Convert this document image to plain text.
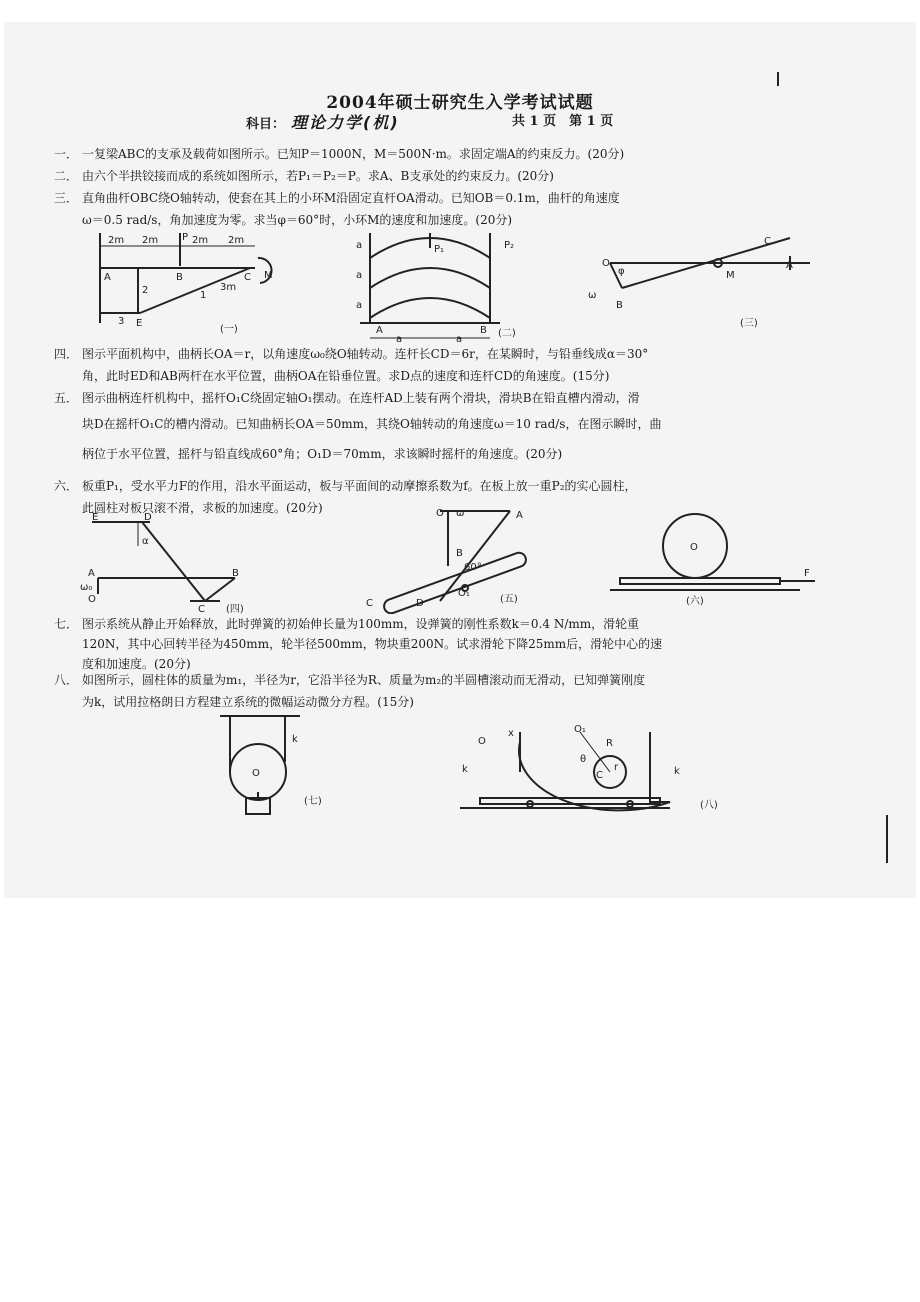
2004年硕士研究生入学考试试题
科目： 理论力学(机)	共 1 页　第 1 页
一． 一复梁ABC的支承及载荷如图所示。已知P＝1000N，M＝500N·m。求固定端A的约束反力。(20分)
二． 由六个半拱铰接而成的系统如图所示，若P₁＝P₂＝P。求A、B支承处的约束反力。(20分)
三． 直角曲杆OBC绕O轴转动，使套在其上的小环M沿固定直杆OA滑动。已知OB＝0.1m，曲杆的角速度
ω＝0.5 rad/s，角加速度为零。求当φ＝60°时，小环M的速度和加速度。(20分)
2m 2m	2m 2m
A	B	C
E
M
P
1
2
3
3m
(一)	A	B
P₁	P₂
a
a
a
a	a
(二)
O
φ
ω
B
M
A
C
(三)
四． 图示平面机构中，曲柄长OA＝r，以角速度ω₀绕O轴转动。连杆长CD＝6r，在某瞬时，与铅垂线成α＝30°
角，此时ED和AB两杆在水平位置，曲柄OA在铅垂位置。求D点的速度和连杆CD的角速度。(15分)
五． 图示曲柄连杆机构中，摇杆O₁C绕固定轴O₁摆动。在连杆AD上装有两个滑块，滑块B在铅直槽内滑动，滑
块D在摇杆O₁C的槽内滑动。已知曲柄长OA＝50mm，其绕O轴转动的角速度ω＝10 rad/s，在图示瞬时，曲
柄位于水平位置，摇杆与铅直线成60°角；O₁D＝70mm，求该瞬时摇杆的角速度。(20分)
六． 板重P₁，受水平力F的作用，沿水平面运动，板与平面间的动摩擦系数为f。在板上放一重P₂的实心圆柱，
此圆柱对板只滚不滑，求板的加速度。(20分)
E	D
α
A
ω₀
O
B
C (四)
O ω	A
B
60°
C	D
O₁
(五)
O
F
(六)
七． 图示系统从静止开始释放，此时弹簧的初始伸长量为100mm，设弹簧的刚性系数k＝0.4 N/mm，滑轮重
120N，其中心回转半径为450mm，轮半径500mm，物块重200N。试求滑轮下降25mm后，滑轮中心的速
度和加速度。(20分)
八． 如图所示，圆柱体的质量为m₁，半径为r，它沿半径为R、质量为m₂的半圆槽滚动而无滑动，已知弹簧刚度
为k，试用拉格朗日方程建立系统的微幅运动微分方程。(15分)
O
k
(七)
O
x	O₁
R
θ
r
C
k	k
(八)
